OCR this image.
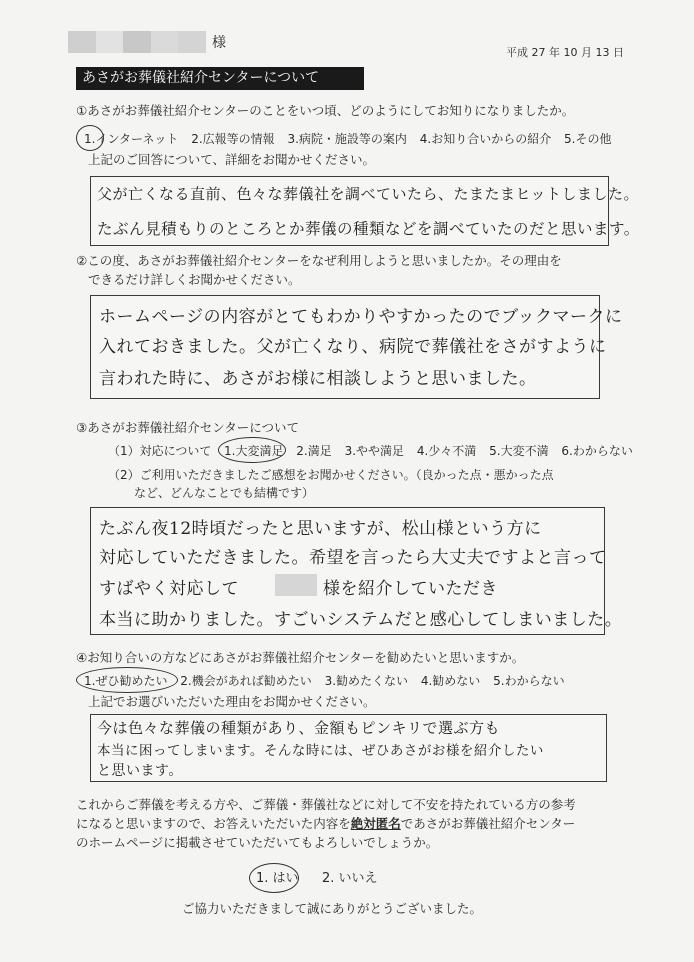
様
平成 27 年 10 月 13 日
あさがお葬儀社紹介センターについて
①あさがお葬儀社紹介センターのことをいつ頃、どのようにしてお知りになりましたか。
1.インターネット 2.広報等の情報 3.病院・施設等の案内 4.お知り合いからの紹介 5.その他
上記のご回答について、詳細をお聞かせください。
父が亡くなる直前、色々な葬儀社を調べていたら、たまたまヒットしました。
たぶん見積もりのところとか葬儀の種類などを調べていたのだと思います。
②この度、あさがお葬儀社紹介センターをなぜ利用しようと思いましたか。その理由を
できるだけ詳しくお聞かせください。
ホームページの内容がとてもわかりやすかったのでブックマークに
入れておきました。父が亡くなり、病院で葬儀社をさがすように
言われた時に、あさがお様に相談しようと思いました。
③あさがお葬儀社紹介センターについて
（1）対応について 1.大変満足 2.満足 3.やや満足 4.少々不満 5.大変不満 6.わからない
（2）ご利用いただきましたご感想をお聞かせください。（良かった点・悪かった点
など、どんなことでも結構です）
たぶん夜12時頃だったと思いますが、松山様という方に
対応していただきました。希望を言ったら大丈夫ですよと言って
すばやく対応して	様を紹介していただき
本当に助かりました。すごいシステムだと感心してしまいました。
④お知り合いの方などにあさがお葬儀社紹介センターを勧めたいと思いますか。
1.ぜひ勧めたい 2.機会があれば勧めたい 3.勧めたくない 4.勧めない 5.わからない
上記でお選びいただいた理由をお聞かせください。
今は色々な葬儀の種類があり、金額もピンキリで選ぶ方も
本当に困ってしまいます。そんな時には、ぜひあさがお様を紹介したい
と思います。
これからご葬儀を考える方や、ご葬儀・葬儀社などに対して不安を持たれている方の参考
になると思いますので、お答えいただいた内容を絶対匿名であさがお葬儀社紹介センター
のホームページに掲載させていただいてもよろしいでしょうか。
1. はい 2. いいえ
ご協力いただきまして誠にありがとうございました。
